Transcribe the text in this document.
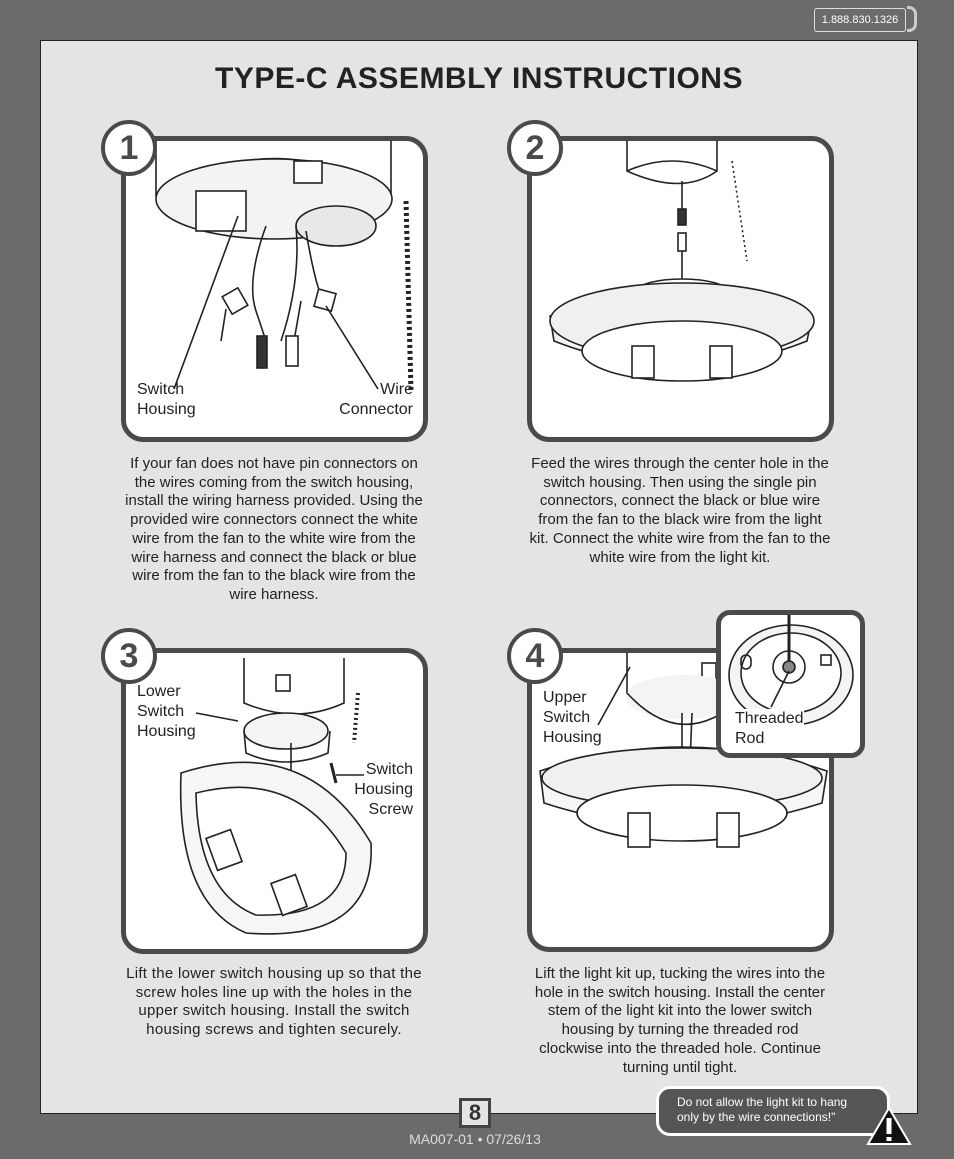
1.888.830.1326
TYPE-C ASSEMBLY INSTRUCTIONS
1
Switch
Housing
Wire
Connector
If your fan does not have pin connectors on the wires coming from the switch housing, install the wiring harness provided. Using the provided wire connectors connect the white wire from the fan to the white wire from the wire harness and connect the black or blue wire from the fan to the black wire from the wire harness.
2
Feed the wires through the center hole in the switch housing. Then using the single pin connectors, connect the black or blue wire from the fan to the black wire from the light kit. Connect the white wire from the fan to the white wire from the light kit.
3
Lower
Switch
Housing
Switch
Housing
Screw
Lift the lower switch housing up so that the screw holes line up with the holes in the upper switch housing. Install the switch housing screws and tighten securely.
4
Upper
Switch
Housing
Threaded
Rod
Lift the light kit up, tucking the wires into the hole in the switch housing. Install the center stem of the light kit into the lower switch housing by turning the threaded rod clockwise into the threaded hole. Continue turning until tight.
8
MA007-01 • 07/26/13
Do not allow the light kit to hang only by the wire connections!"
